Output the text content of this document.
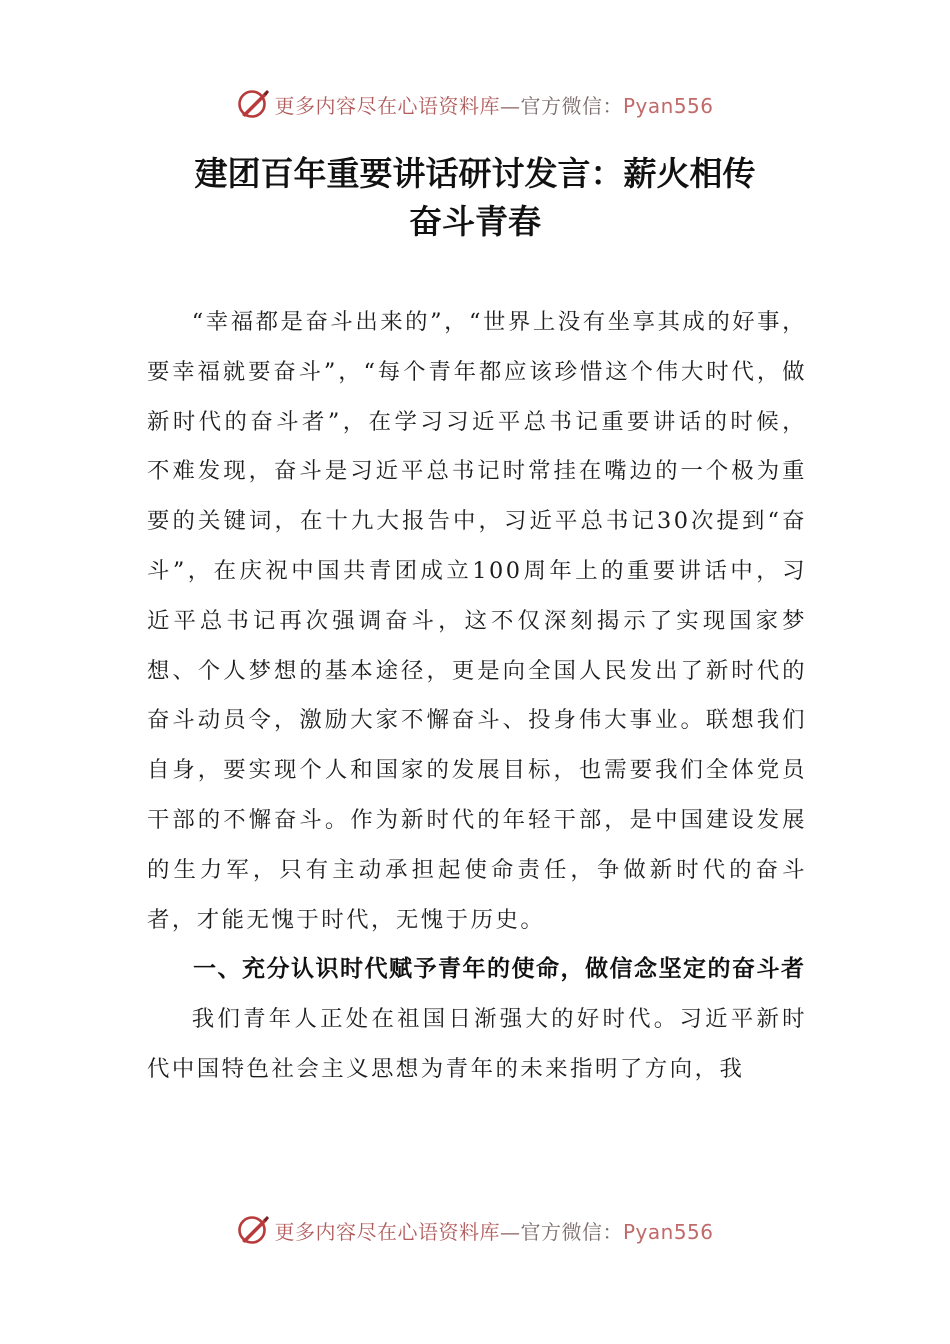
更多内容尽在心语资料库—官方微信：Pyan556
建团百年重要讲话研讨发言：薪火相传
奋斗青春

“幸福都是奋斗出来的”，“世界上没有坐享其成的好事，要幸福就要奋斗”，“每个青年都应该珍惜这个伟大时代，做新时代的奋斗者”，在学习习近平总书记重要讲话的时候，不难发现，奋斗是习近平总书记时常挂在嘴边的一个极为重要的关键词，在十九大报告中，习近平总书记30次提到“奋斗”，在庆祝中国共青团成立100周年上的重要讲话中，习近平总书记再次强调奋斗，这不仅深刻揭示了实现国家梦想、个人梦想的基本途径，更是向全国人民发出了新时代的奋斗动员令，激励大家不懈奋斗、投身伟大事业。联想我们自身，要实现个人和国家的发展目标，也需要我们全体党员干部的不懈奋斗。作为新时代的年轻干部，是中国建设发展的生力军，只有主动承担起使命责任，争做新时代的奋斗者，才能无愧于时代，无愧于历史。

一、充分认识时代赋予青年的使命，做信念坚定的奋斗者

我们青年人正处在祖国日渐强大的好时代。习近平新时代中国特色社会主义思想为青年的未来指明了方向，我

更多内容尽在心语资料库—官方微信：Pyan556
